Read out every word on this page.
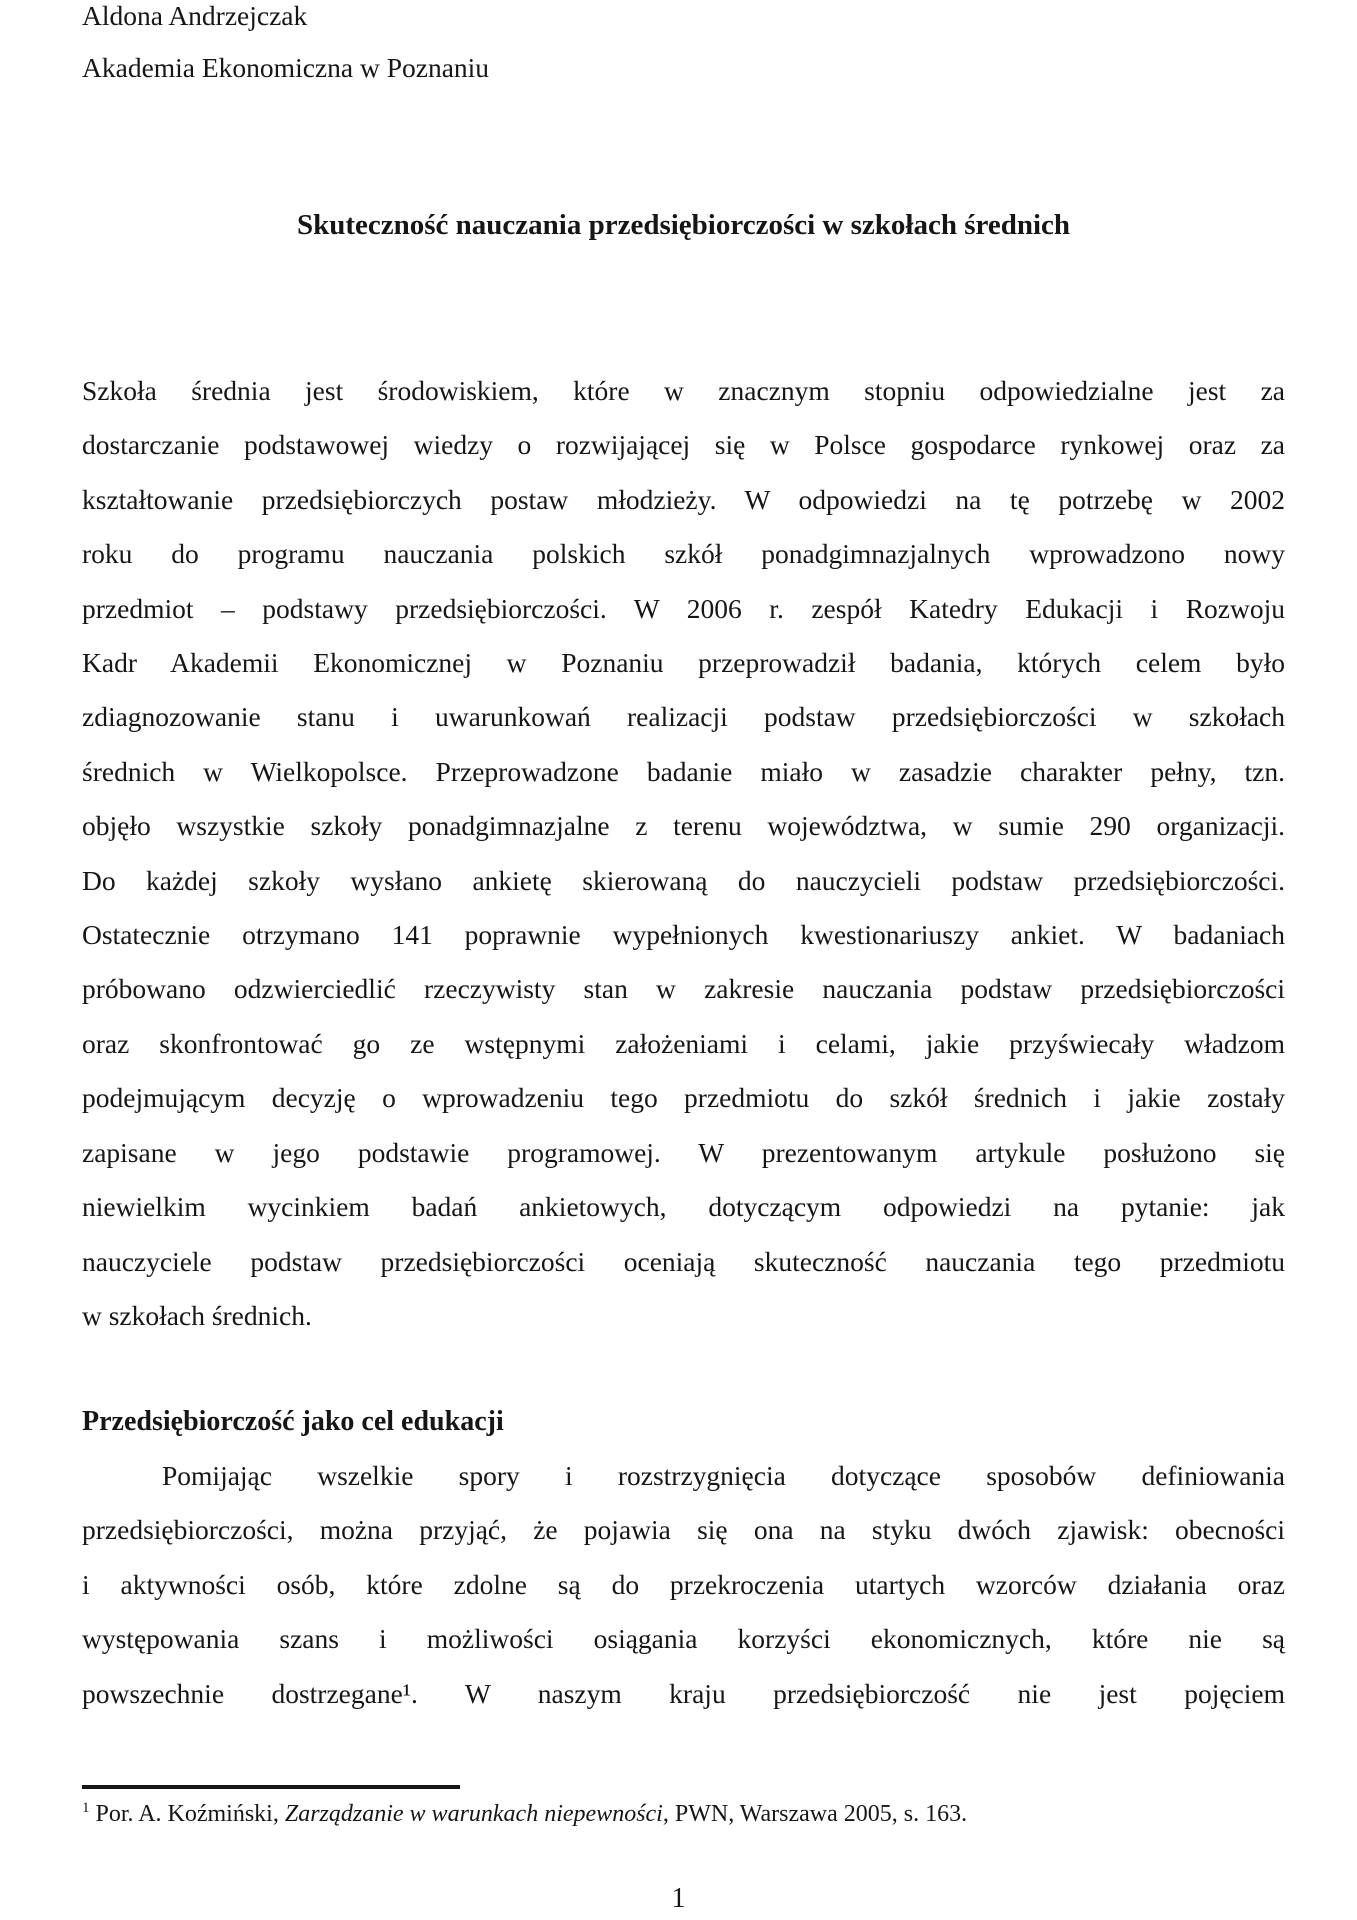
Aldona Andrzejczak
Akademia Ekonomiczna w Poznaniu
Skuteczność nauczania przedsiębiorczości w szkołach średnich
Szkoła średnia jest środowiskiem, które w znacznym stopniu odpowiedzialne jest za
dostarczanie podstawowej wiedzy o rozwijającej się w Polsce gospodarce rynkowej oraz za
kształtowanie przedsiębiorczych postaw młodzieży. W odpowiedzi na tę potrzebę w 2002
roku do programu nauczania polskich szkół ponadgimnazjalnych wprowadzono nowy
przedmiot – podstawy przedsiębiorczości. W 2006 r. zespół Katedry Edukacji i Rozwoju
Kadr Akademii Ekonomicznej w Poznaniu przeprowadził badania, których celem było
zdiagnozowanie stanu i uwarunkowań realizacji podstaw przedsiębiorczości w szkołach
średnich w Wielkopolsce. Przeprowadzone badanie miało w zasadzie charakter pełny, tzn.
objęło wszystkie szkoły ponadgimnazjalne z terenu województwa, w sumie 290 organizacji.
Do każdej szkoły wysłano ankietę skierowaną do nauczycieli podstaw przedsiębiorczości.
Ostatecznie otrzymano 141 poprawnie wypełnionych kwestionariuszy ankiet. W badaniach
próbowano odzwierciedlić rzeczywisty stan w zakresie nauczania podstaw przedsiębiorczości
oraz skonfrontować go ze wstępnymi założeniami i celami, jakie przyświecały władzom
podejmującym decyzję o wprowadzeniu tego przedmiotu do szkół średnich i jakie zostały
zapisane w jego podstawie programowej. W prezentowanym artykule posłużono się
niewielkim wycinkiem badań ankietowych, dotyczącym odpowiedzi na pytanie: jak
nauczyciele podstaw przedsiębiorczości oceniają skuteczność nauczania tego przedmiotu
w szkołach średnich.
Przedsiębiorczość jako cel edukacji
Pomijając wszelkie spory i rozstrzygnięcia dotyczące sposobów definiowania
przedsiębiorczości, można przyjąć, że pojawia się ona na styku dwóch zjawisk: obecności
i aktywności osób, które zdolne są do przekroczenia utartych wzorców działania oraz
występowania szans i możliwości osiągania korzyści ekonomicznych, które nie są
powszechnie dostrzegane¹. W naszym kraju przedsiębiorczość nie jest pojęciem

$^1$ Por. A. Koźmiński, Zarządzanie w warunkach niepewności, PWN, Warszawa 2005, s. 163.

1
